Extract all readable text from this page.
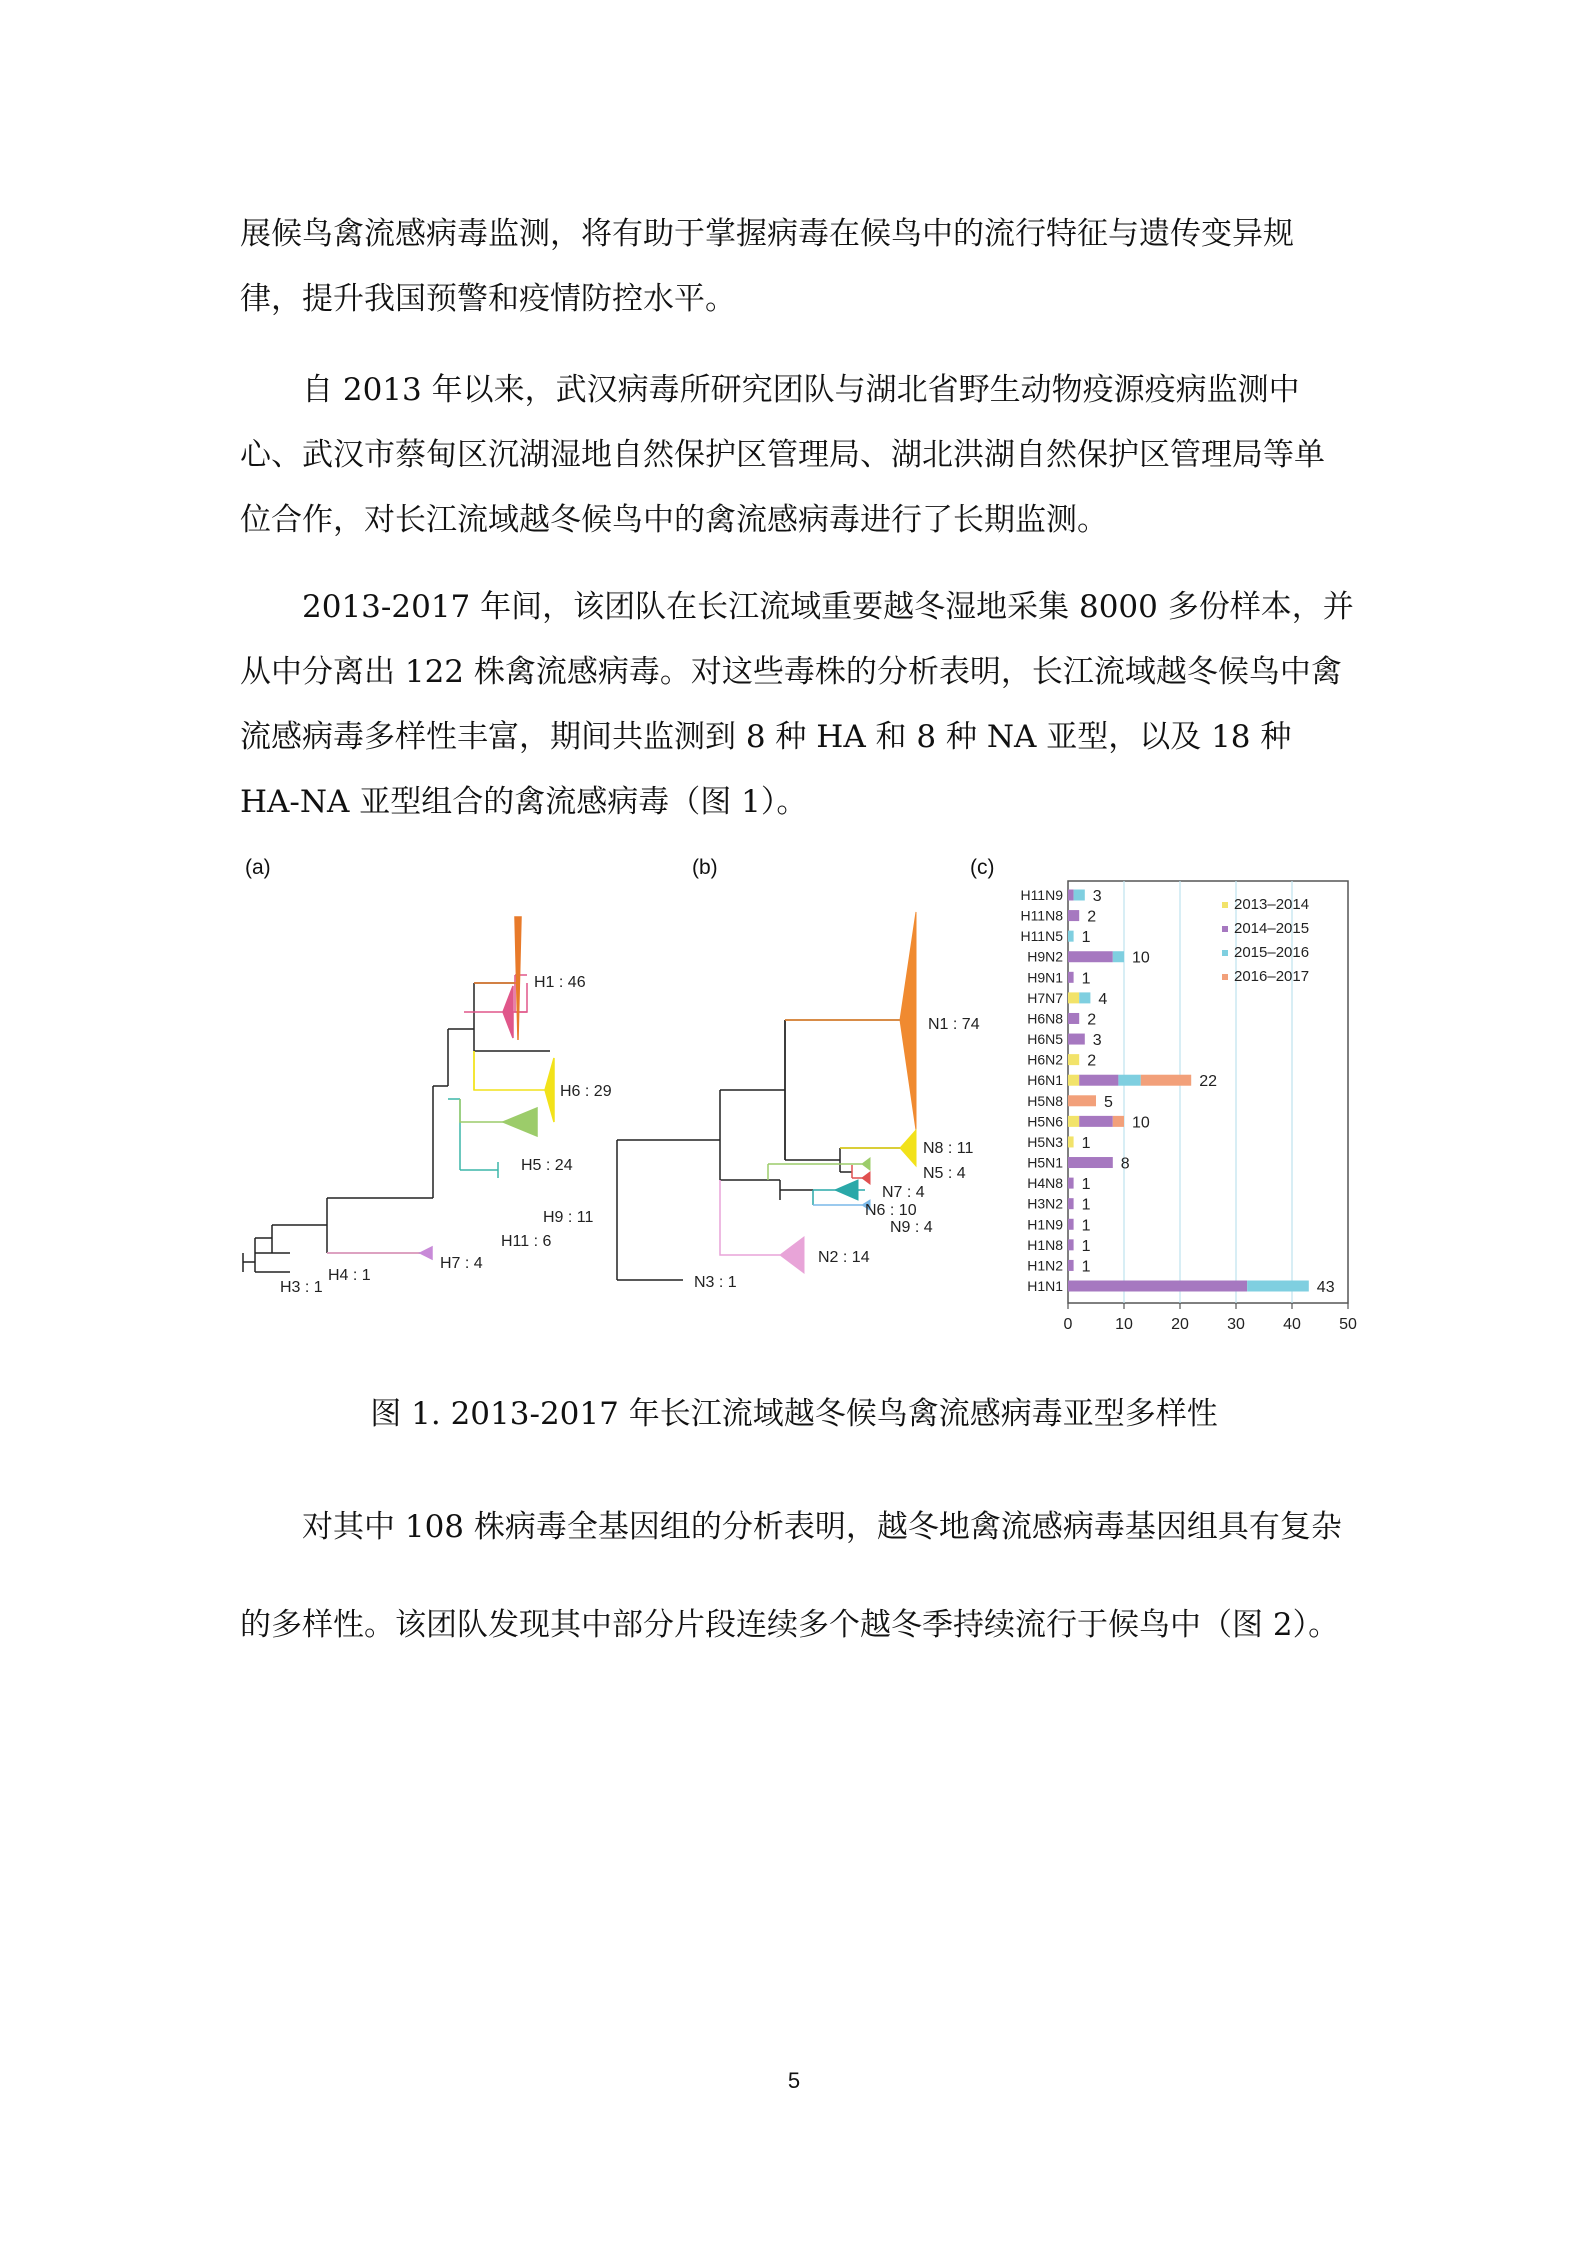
展候鸟禽流感病毒监测，将有助于掌握病毒在候鸟中的流行特征与遗传变异规律，提升我国预警和疫情防控水平。

自 2013 年以来，武汉病毒所研究团队与湖北省野生动物疫源疫病监测中心、武汉市蔡甸区沉湖湿地自然保护区管理局、湖北洪湖自然保护区管理局等单位合作，对长江流域越冬候鸟中的禽流感病毒进行了长期监测。

2013-2017 年间，该团队在长江流域重要越冬湿地采集 8000 多份样本，并从中分离出 122 株禽流感病毒。对这些毒株的分析表明，长江流域越冬候鸟中禽流感病毒多样性丰富，期间共监测到 8 种 HA 和 8 种 NA 亚型，以及 18 种 HA-NA 亚型组合的禽流感病毒（图 1）。

(a)	(b)	(c)
H1 : 46
H6 : 29
H5 : 24
H9 : 11
H11 : 6
H7 : 4
H4 : 1
H3 : 1
N1 : 74
N8 : 11
N5 : 4
N7 : 4
N6 : 10
N9 : 4
N2 : 14
N3 : 1
H11N9
H11N8
H11N5
H9N2
H9N1
H7N7
H6N8
H6N5
H6N2
H6N1
H5N8
H5N6
H5N3
H5N1
H4N8
H3N2
H1N9
H1N8
H1N2
H1N1
3
2
1
10
1
4
2
3
2
22
5
10
1
8
1
1
1
1
1
43
0	10 20 30 40 50
2013–2014
2014–2015
2015–2016
2016–2017
图 1. 2013-2017 年长江流域越冬候鸟禽流感病毒亚型多样性

对其中 108 株病毒全基因组的分析表明，越冬地禽流感病毒基因组具有复杂的多样性。该团队发现其中部分片段连续多个越冬季持续流行于候鸟中（图 2）。

5
